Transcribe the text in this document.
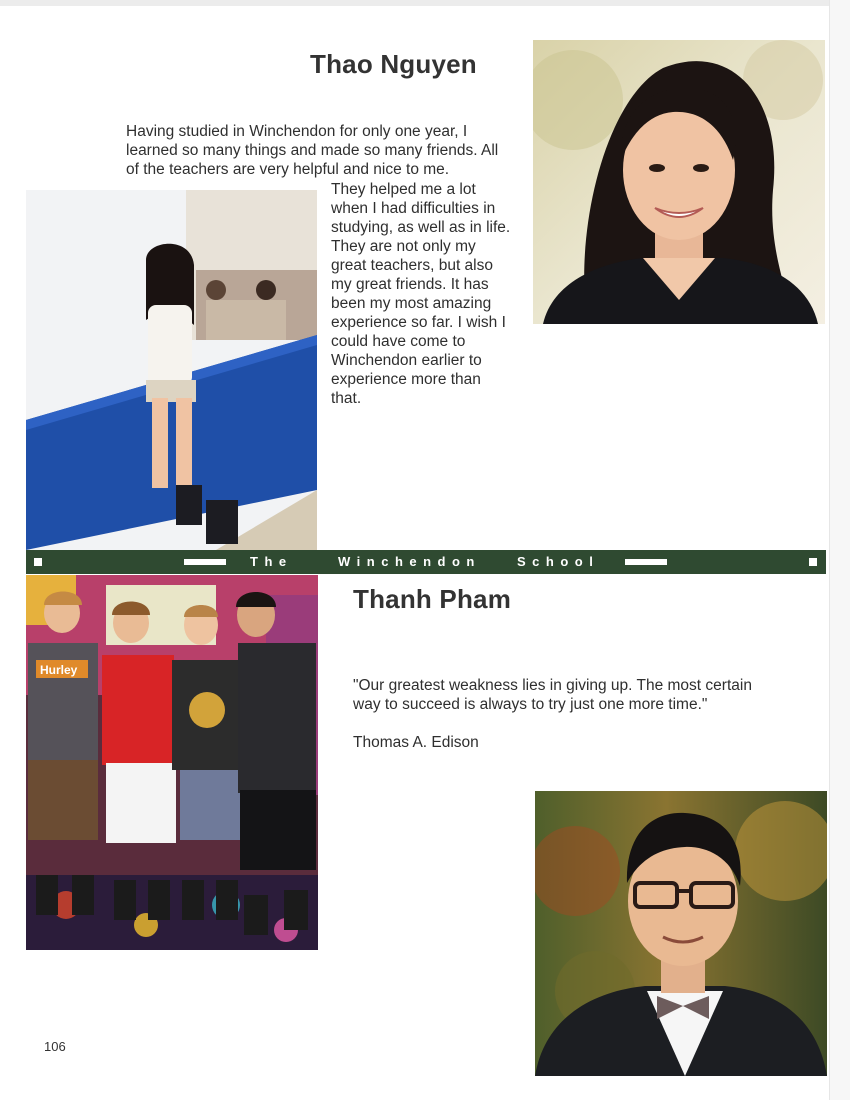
Thao Nguyen

Having studied in Winchendon for only one year, I learned so many things and made so many friends. All of the teachers are very helpful and nice to me.

They helped me a lot when I had difficulties in studying, as well as in life. They are not only my great teachers, but also my great friends. It has been my most amazing experience so far. I wish I could have come to Winchendon earlier to experience more than that.

The	Winchendon	School
Thanh Pham

"Our greatest weakness lies in giving up. The most certain way to succeed is always to try just one more time."

Thomas A. Edison

Hurley
106
